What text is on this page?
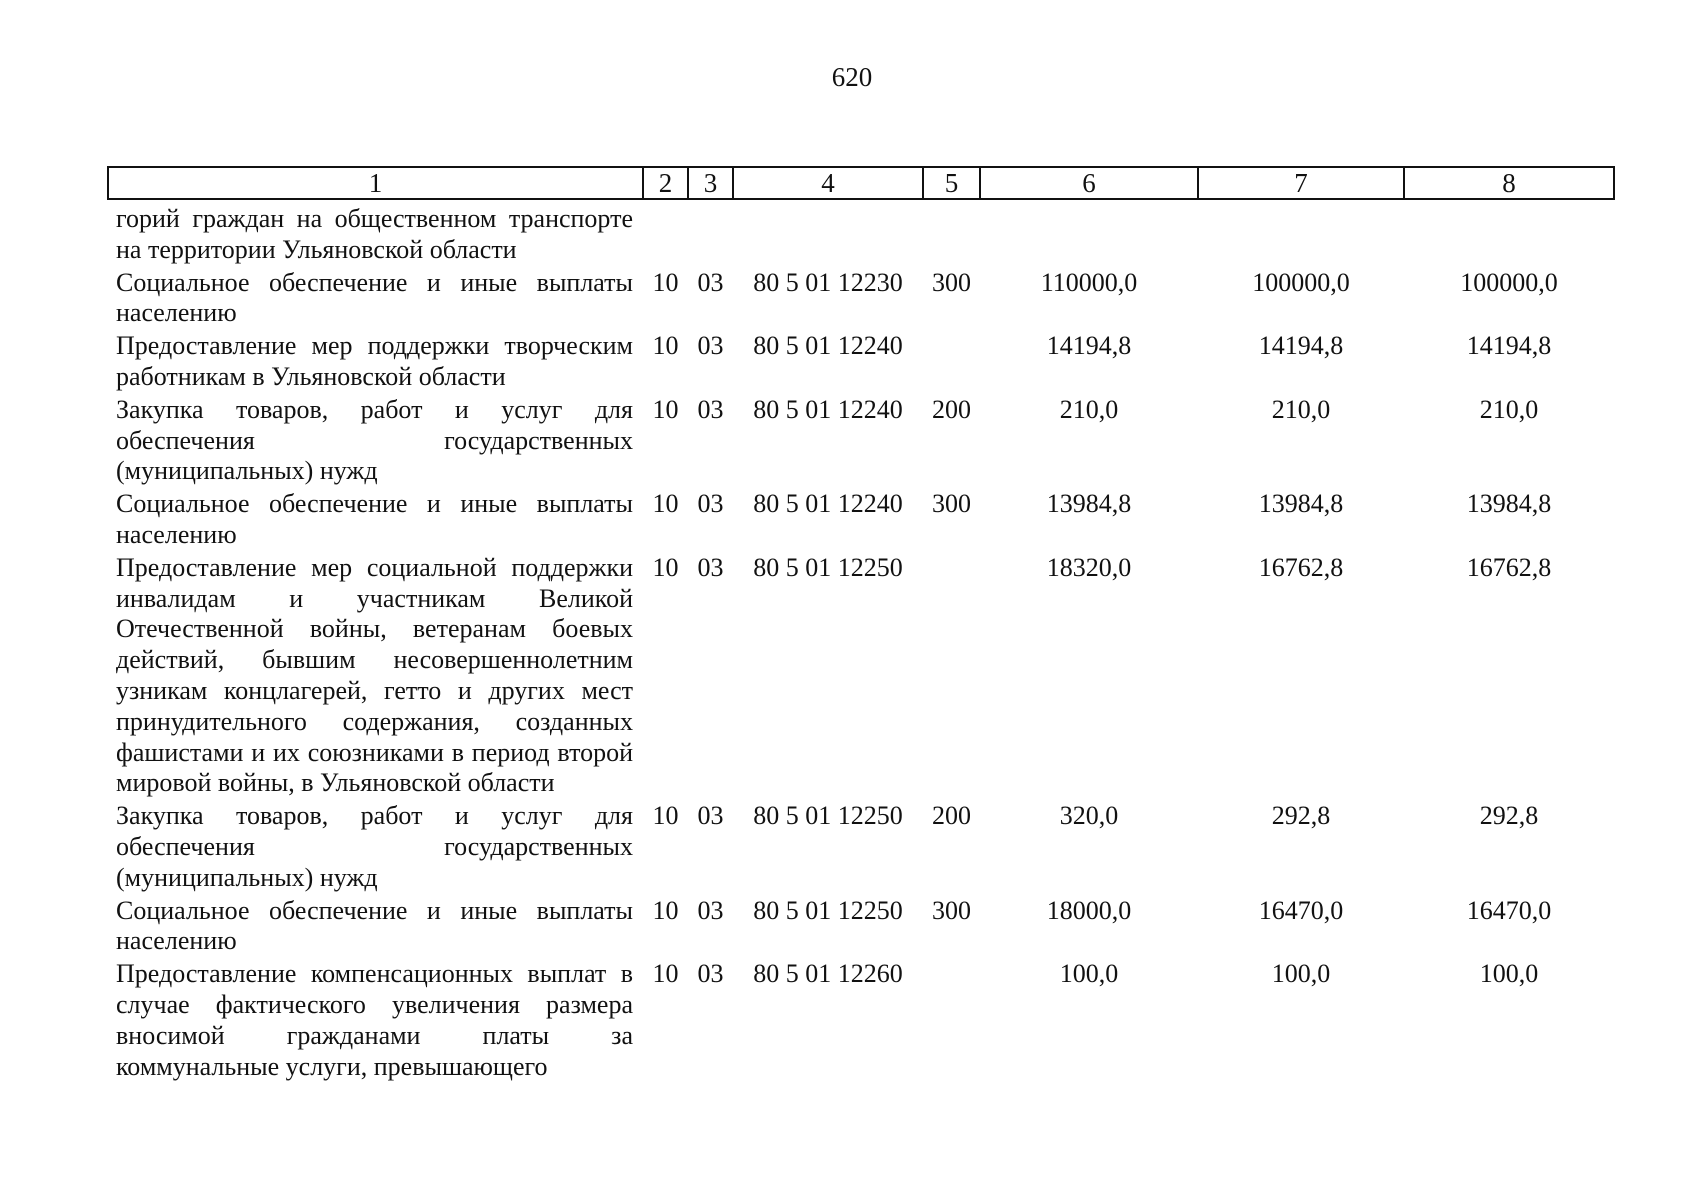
620
1	2	3	4	5	6	7	8
горий граждан на общественном транспорте на территории Ульяновской области							
Социальное обеспечение и иные выплаты населению	10	03	80 5 01 12230	300	110000,0	100000,0	100000,0
Предоставление мер поддержки творческим работникам в Ульяновской области	10	03	80 5 01 12240		14194,8	14194,8	14194,8
Закупка товаров, работ и услуг для обеспечения государственных (муниципальных) нужд	10	03	80 5 01 12240	200	210,0	210,0	210,0
Социальное обеспечение и иные выплаты населению	10	03	80 5 01 12240	300	13984,8	13984,8	13984,8
Предоставление мер социальной поддержки инвалидам и участникам Великой Отечественной войны, ветеранам боевых действий, бывшим несовершеннолетним узникам концлагерей, гетто и других мест принудительного содержания, созданных фашистами и их союзниками в период второй мировой войны, в Ульяновской области	10	03	80 5 01 12250		18320,0	16762,8	16762,8
Закупка товаров, работ и услуг для обеспечения государственных (муниципальных) нужд	10	03	80 5 01 12250	200	320,0	292,8	292,8
Социальное обеспечение и иные выплаты населению	10	03	80 5 01 12250	300	18000,0	16470,0	16470,0
Предоставление компенсационных выплат в случае фактического увеличения размера вносимой гражданами платы за коммунальные услуги, превышающего	10	03	80 5 01 12260		100,0	100,0	100,0
